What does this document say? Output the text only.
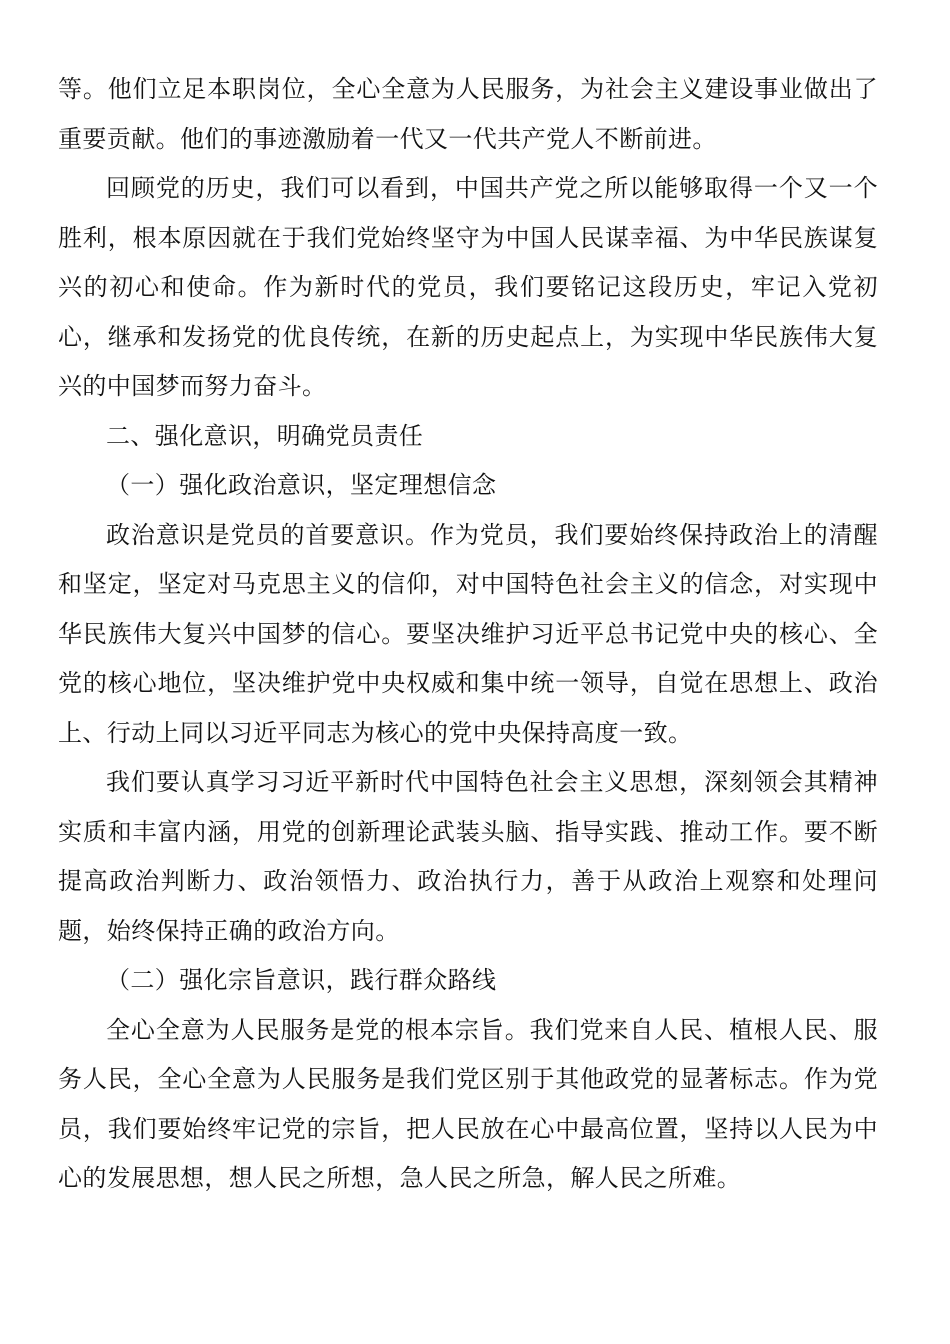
等。他们立足本职岗位，全心全意为人民服务，为社会主义建设事业做出了重要贡献。他们的事迹激励着一代又一代共产党人不断前进。

回顾党的历史，我们可以看到，中国共产党之所以能够取得一个又一个胜利，根本原因就在于我们党始终坚守为中国人民谋幸福、为中华民族谋复兴的初心和使命。作为新时代的党员，我们要铭记这段历史，牢记入党初心，继承和发扬党的优良传统，在新的历史起点上，为实现中华民族伟大复兴的中国梦而努力奋斗。

二、强化意识，明确党员责任

（一）强化政治意识，坚定理想信念

政治意识是党员的首要意识。作为党员，我们要始终保持政治上的清醒和坚定，坚定对马克思主义的信仰，对中国特色社会主义的信念，对实现中华民族伟大复兴中国梦的信心。要坚决维护习近平总书记党中央的核心、全党的核心地位，坚决维护党中央权威和集中统一领导，自觉在思想上、政治上、行动上同以习近平同志为核心的党中央保持高度一致。

我们要认真学习习近平新时代中国特色社会主义思想，深刻领会其精神实质和丰富内涵，用党的创新理论武装头脑、指导实践、推动工作。要不断提高政治判断力、政治领悟力、政治执行力，善于从政治上观察和处理问题，始终保持正确的政治方向。

（二）强化宗旨意识，践行群众路线

全心全意为人民服务是党的根本宗旨。我们党来自人民、植根人民、服务人民，全心全意为人民服务是我们党区别于其他政党的显著标志。作为党员，我们要始终牢记党的宗旨，把人民放在心中最高位置，坚持以人民为中心的发展思想，想人民之所想，急人民之所急，解人民之所难。
